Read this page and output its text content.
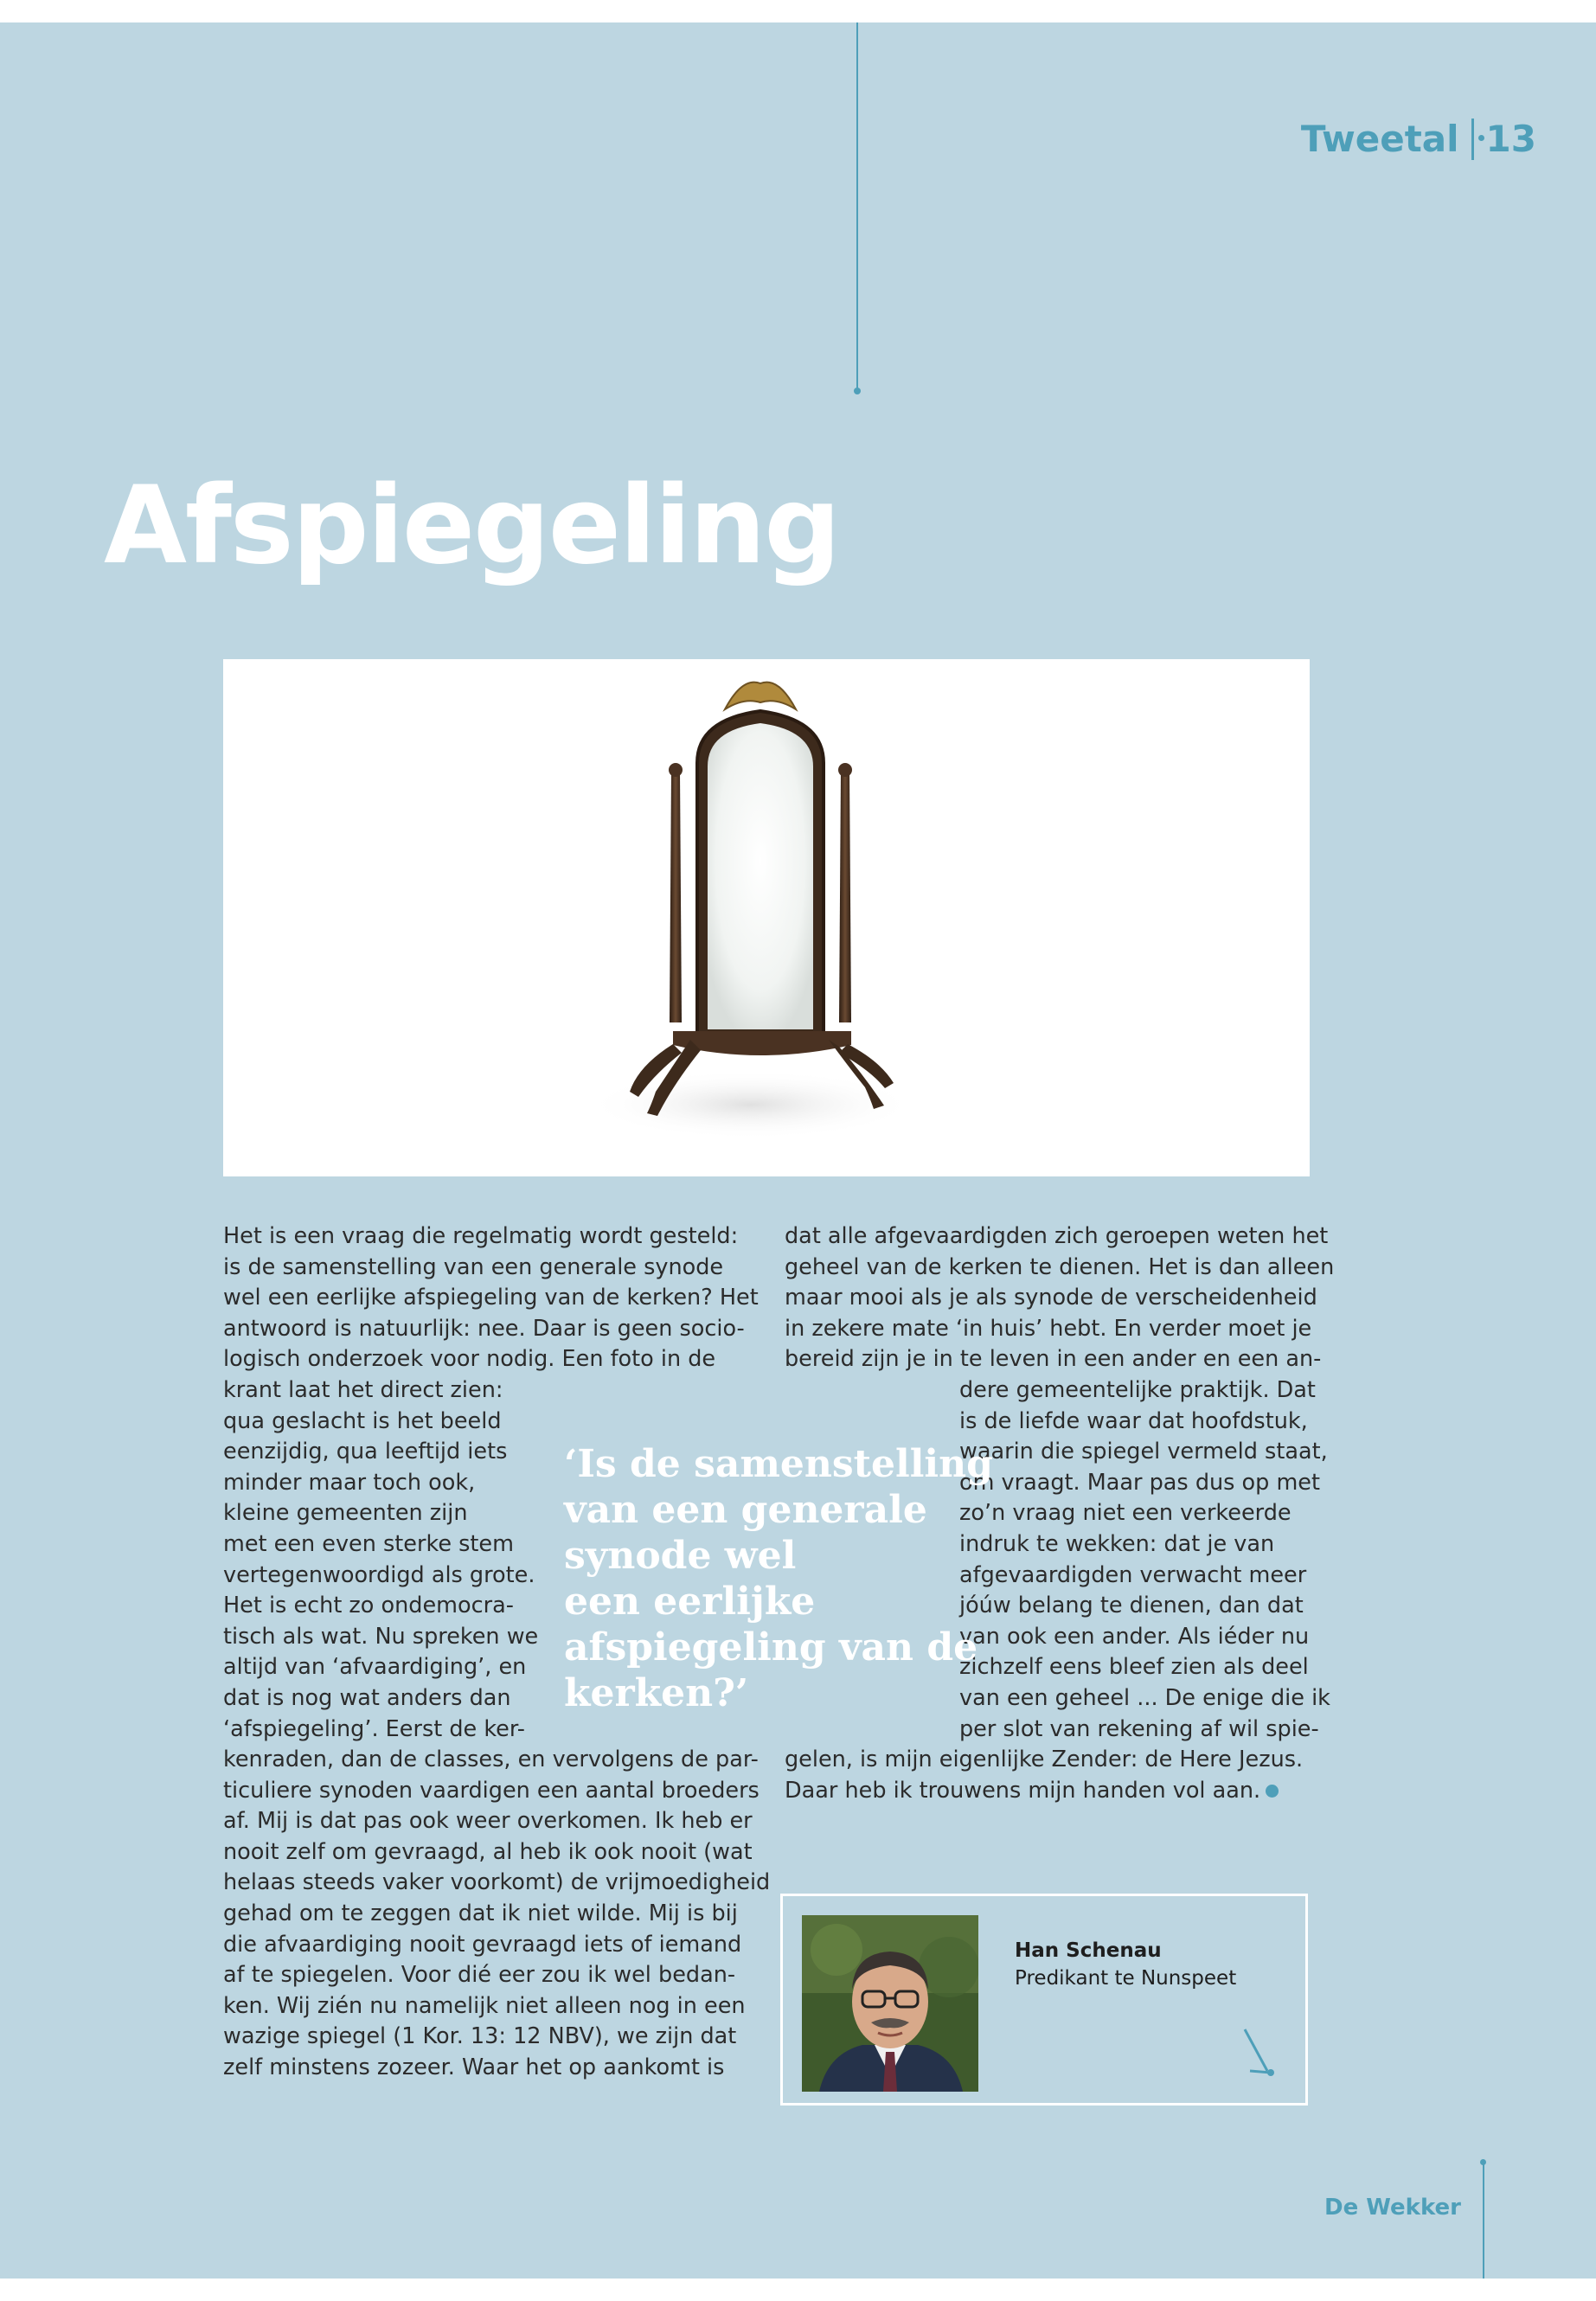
Tweetal 13
Afspiegeling
Het is een vraag die regelmatig wordt gesteld:
is de samenstelling van een generale synode
wel een eerlijke afspiegeling van de kerken? Het
antwoord is natuurlijk: nee. Daar is geen socio-
logisch onderzoek voor nodig. Een foto in de
krant laat het direct zien:
qua geslacht is het beeld
eenzijdig, qua leeftijd iets
minder maar toch ook,
kleine gemeenten zijn
met een even sterke stem
vertegenwoordigd als grote.
Het is echt zo ondemocra-
tisch als wat. Nu spreken we
altijd van ‘afvaardiging’, en
dat is nog wat anders dan
‘afspiegeling’. Eerst de ker-
kenraden, dan de classes, en vervolgens de par-
ticuliere synoden vaardigen een aantal broeders
af. Mij is dat pas ook weer overkomen. Ik heb er
nooit zelf om gevraagd, al heb ik ook nooit (wat
helaas steeds vaker voorkomt) de vrijmoedigheid
gehad om te zeggen dat ik niet wilde. Mij is bij
die afvaardiging nooit gevraagd iets of iemand
af te spiegelen. Voor dié eer zou ik wel bedan-
ken. Wij zién nu namelijk niet alleen nog in een
wazige spiegel (1 Kor. 13: 12 NBV), we zijn dat
zelf minstens zozeer. Waar het op aankomt is
dat alle afgevaardigden zich geroepen weten het
geheel van de kerken te dienen. Het is dan alleen
maar mooi als je als synode de verscheidenheid
in zekere mate ‘in huis’ hebt. En verder moet je
bereid zijn je in te leven in een ander en een an-
dere gemeentelijke praktijk. Dat
is de liefde waar dat hoofdstuk,
waarin die spiegel vermeld staat,
om vraagt. Maar pas dus op met
zo’n vraag niet een verkeerde
indruk te wekken: dat je van
afgevaardigden verwacht meer
jóúw belang te dienen, dan dat
van ook een ander. Als iéder nu
zichzelf eens bleef zien als deel
van een geheel ... De enige die ik
per slot van rekening af wil spie-
gelen, is mijn eigenlijke Zender: de Here Jezus.
Daar heb ik trouwens mijn handen vol aan.
‘Is de samenstelling
van een generale
synode wel
een eerlijke
afspiegeling van de
kerken?’
Han Schenau
Predikant te Nunspeet
De Wekker
